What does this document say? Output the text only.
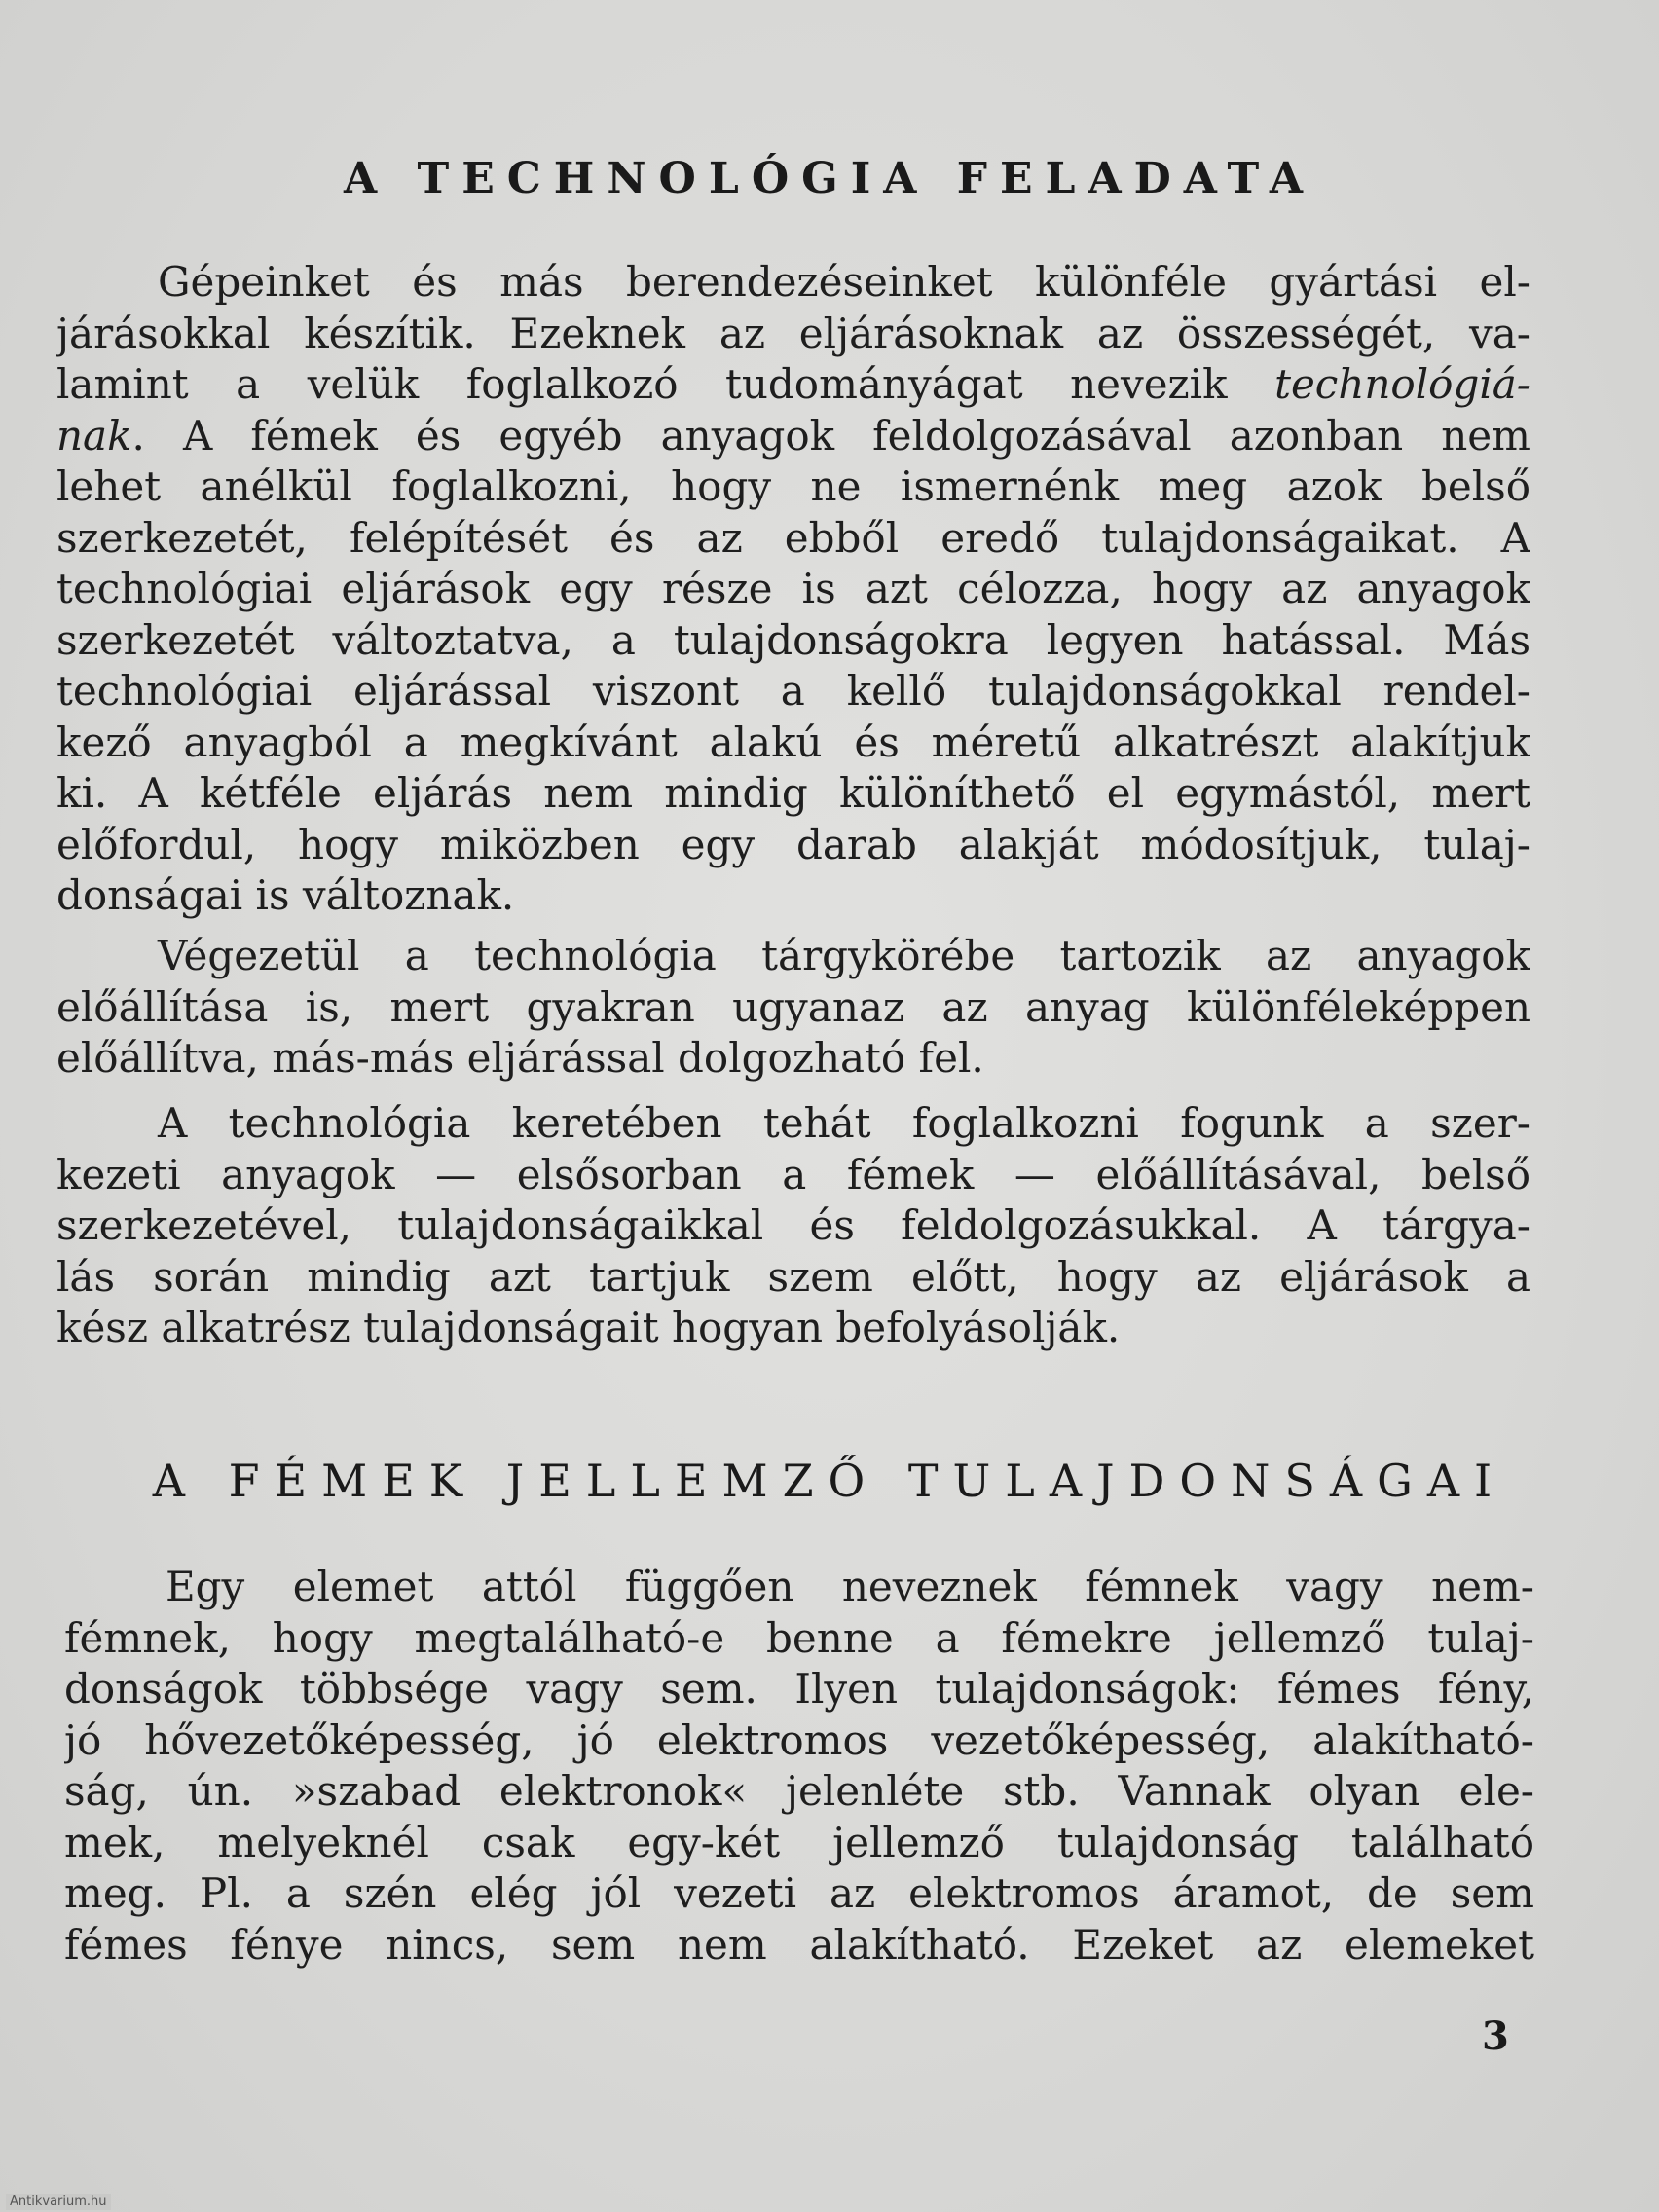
A TECHNOLÓGIA FELADATA
Gépeinket és más berendezéseinket különféle gyártási el-
járásokkal készítik. Ezeknek az eljárásoknak az összességét, va-
lamint a velük foglalkozó tudományágat nevezik technológiá-
nak. A fémek és egyéb anyagok feldolgozásával azonban nem
lehet anélkül foglalkozni, hogy ne ismernénk meg azok belső
szerkezetét, felépítését és az ebből eredő tulajdonságaikat. A
technológiai eljárások egy része is azt célozza, hogy az anyagok
szerkezetét változtatva, a tulajdonságokra legyen hatással. Más
technológiai eljárással viszont a kellő tulajdonságokkal rendel-
kező anyagból a megkívánt alakú és méretű alkatrészt alakítjuk
ki. A kétféle eljárás nem mindig különíthető el egymástól, mert
előfordul, hogy miközben egy darab alakját módosítjuk, tulaj-
donságai is változnak.
Végezetül a technológia tárgykörébe tartozik az anyagok
előállítása is, mert gyakran ugyanaz az anyag különféleképpen
előállítva, más-más eljárással dolgozható fel.
A technológia keretében tehát foglalkozni fogunk a szer-
kezeti anyagok — elsősorban a fémek — előállításával, belső
szerkezetével, tulajdonságaikkal és feldolgozásukkal. A tárgya-
lás során mindig azt tartjuk szem előtt, hogy az eljárások a
kész alkatrész tulajdonságait hogyan befolyásolják.
A FÉMEK JELLEMZŐ TULAJDONSÁGAI
Egy elemet attól függően neveznek fémnek vagy nem-
fémnek, hogy megtalálható-e benne a fémekre jellemző tulaj-
donságok többsége vagy sem. Ilyen tulajdonságok: fémes fény,
jó hővezetőképesség, jó elektromos vezetőképesség, alakítható-
ság, ún. »szabad elektronok« jelenléte stb. Vannak olyan ele-
mek, melyeknél csak egy-két jellemző tulajdonság található
meg. Pl. a szén elég jól vezeti az elektromos áramot, de sem
fémes fénye nincs, sem nem alakítható. Ezeket az elemeket
3
Antikvarium.hu
